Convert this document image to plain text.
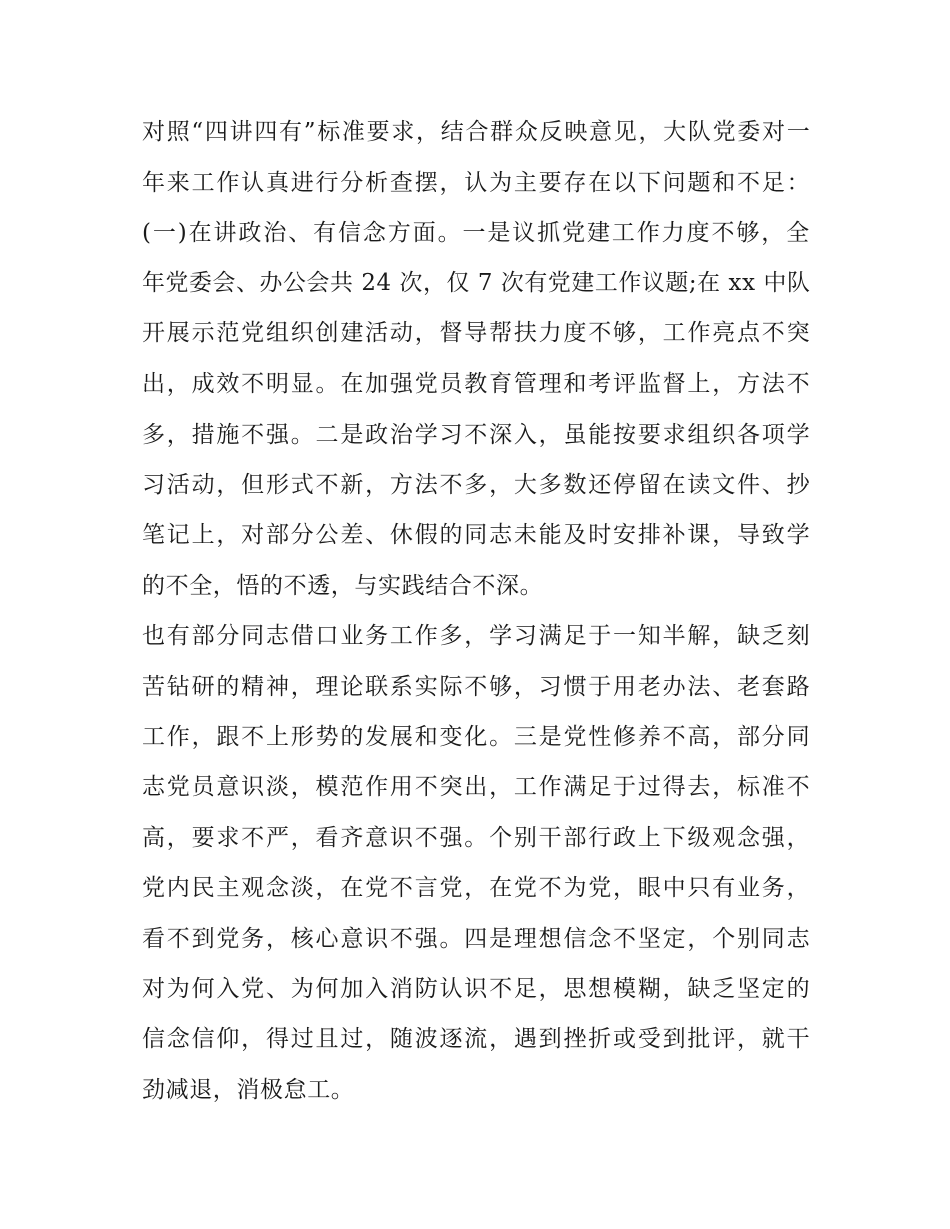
对照“四讲四有”标准要求，结合群众反映意见，大队党委对一
年来工作认真进行分析查摆，认为主要存在以下问题和不足：
(一)在讲政治、有信念方面。一是议抓党建工作力度不够，全
年党委会、办公会共 24 次，仅 7 次有党建工作议题;在 xx 中队
开展示范党组织创建活动，督导帮扶力度不够，工作亮点不突
出，成效不明显。在加强党员教育管理和考评监督上，方法不
多，措施不强。二是政治学习不深入，虽能按要求组织各项学
习活动，但形式不新，方法不多，大多数还停留在读文件、抄
笔记上，对部分公差、休假的同志未能及时安排补课，导致学
的不全，悟的不透，与实践结合不深。
也有部分同志借口业务工作多，学习满足于一知半解，缺乏刻
苦钻研的精神，理论联系实际不够，习惯于用老办法、老套路
工作，跟不上形势的发展和变化。三是党性修养不高，部分同
志党员意识淡，模范作用不突出，工作满足于过得去，标准不
高，要求不严，看齐意识不强。个别干部行政上下级观念强，
党内民主观念淡，在党不言党，在党不为党，眼中只有业务，
看不到党务，核心意识不强。四是理想信念不坚定，个别同志
对为何入党、为何加入消防认识不足，思想模糊，缺乏坚定的
信念信仰，得过且过，随波逐流，遇到挫折或受到批评，就干
劲减退，消极怠工。
